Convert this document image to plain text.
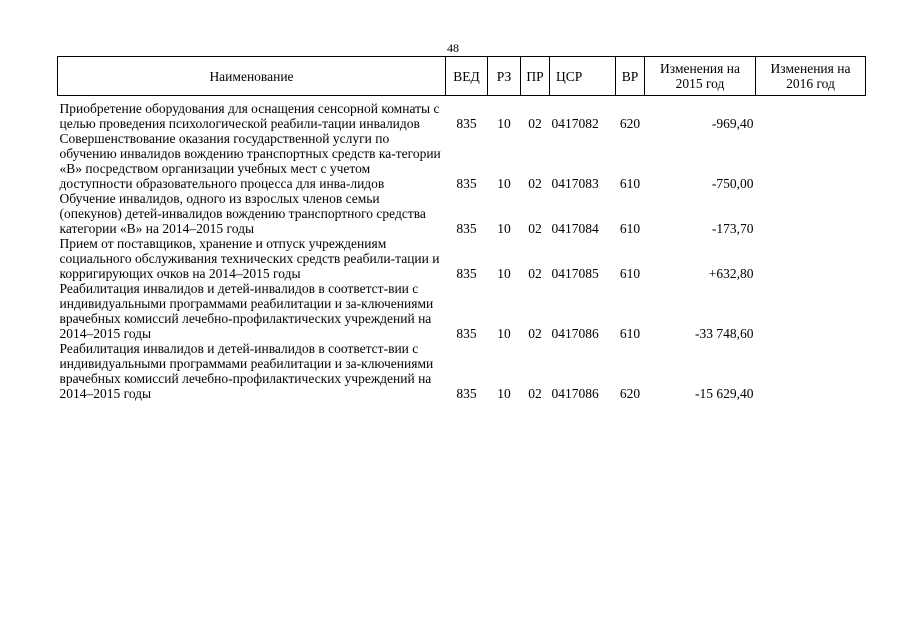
48
Наименование	ВЕД	РЗ	ПР	ЦСР	ВР	Изменения на 2015 год	Изменения на 2016 год
Приобретение оборудования для оснащения сенсорной комнаты с целью проведения психологической реабили-тации инвалидов	835	10	02	0417082	620	-969,40	
Совершенствование оказания государственной услуги по обучению инвалидов вождению транспортных средств ка-тегории «В» посредством организации учебных мест с учетом доступности образовательного процесса для инва-лидов	835	10	02	0417083	610	-750,00	
Обучение инвалидов, одного из взрослых членов семьи (опекунов) детей-инвалидов вождению транспортного средства категории «В» на 2014–2015 годы	835	10	02	0417084	610	-173,70	
Прием от поставщиков, хранение и отпуск учреждениям социального обслуживания технических средств реабили-тации и корригирующих очков на 2014–2015 годы	835	10	02	0417085	610	+632,80	
Реабилитация инвалидов и детей-инвалидов в соответст-вии с индивидуальными программами реабилитации и за-ключениями врачебных комиссий лечебно-профилактических учреждений на 2014–2015 годы	835	10	02	0417086	610	-33 748,60	
Реабилитация инвалидов и детей-инвалидов в соответст-вии с индивидуальными программами реабилитации и за-ключениями врачебных комиссий лечебно-профилактических учреждений на 2014–2015 годы	835	10	02	0417086	620	-15 629,40	
